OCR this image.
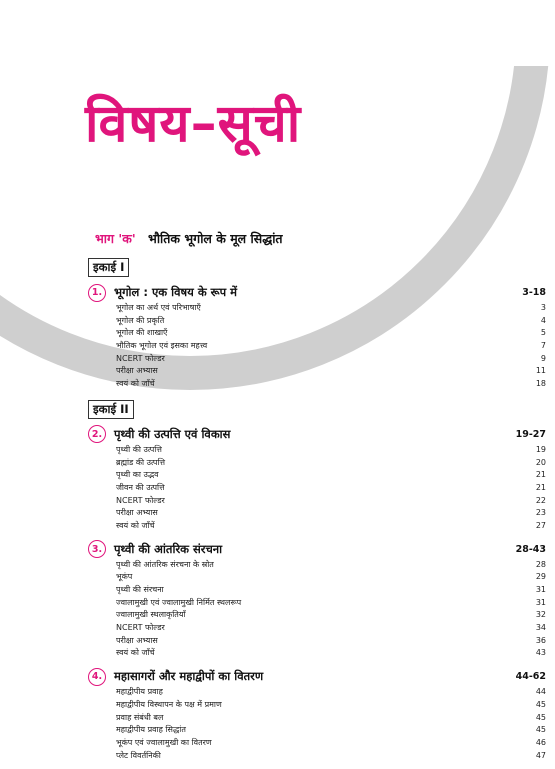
विषय–सूची
भाग 'क' भौतिक भूगोल के मूल सिद्धांत
इकाई I
1.	भूगोल : एक विषय के रूप में	3-18
भूगोल का अर्थ एवं परिभाषाएँ	3
भूगोल की प्रकृति	4
भूगोल की शाखाएँ	5
भौतिक भूगोल एवं इसका महत्त्व	7
NCERT फोल्डर	9
परीक्षा अभ्यास	11
स्वयं को जाँचें	18
इकाई II
2.	पृथ्वी की उत्पत्ति एवं विकास	19-27
पृथ्वी की उत्पत्ति	19
ब्रह्मांड की उत्पत्ति	20
पृथ्वी का उद्भव	21
जीवन की उत्पत्ति	21
NCERT फोल्डर	22
परीक्षा अभ्यास	23
स्वयं को जाँचें	27
3.	पृथ्वी की आंतरिक संरचना	28-43
पृथ्वी की आंतरिक संरचना के स्रोत	28
भूकंप	29
पृथ्वी की संरचना	31
ज्वालामुखी एवं ज्वालामुखी निर्मित स्थलरूप	31
ज्वालामुखी स्थलाकृतियाँ	32
NCERT फोल्डर	34
परीक्षा अभ्यास	36
स्वयं को जाँचें	43
4.	महासागरों और महाद्वीपों का वितरण	44-62
महाद्वीपीय प्रवाह	44
महाद्वीपीय विस्थापन के पक्ष में प्रमाण	45
प्रवाह संबंधी बल	45
महाद्वीपीय प्रवाह सिद्धांत	45
भूकंप एवं ज्वालामुखी का वितरण	46
प्लेट विवर्तनिकी	47
